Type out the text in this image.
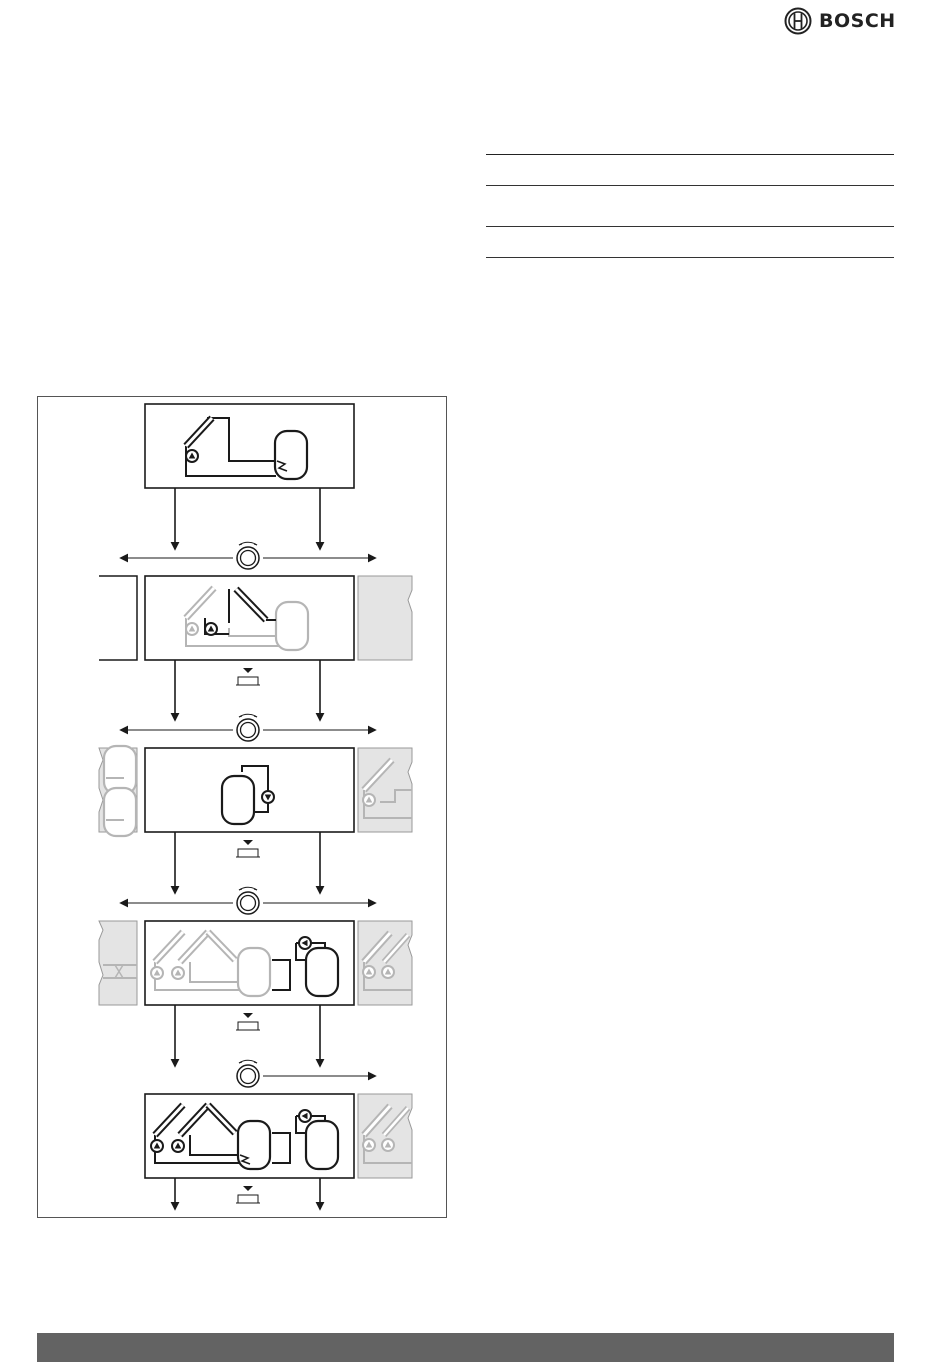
BOSCH
